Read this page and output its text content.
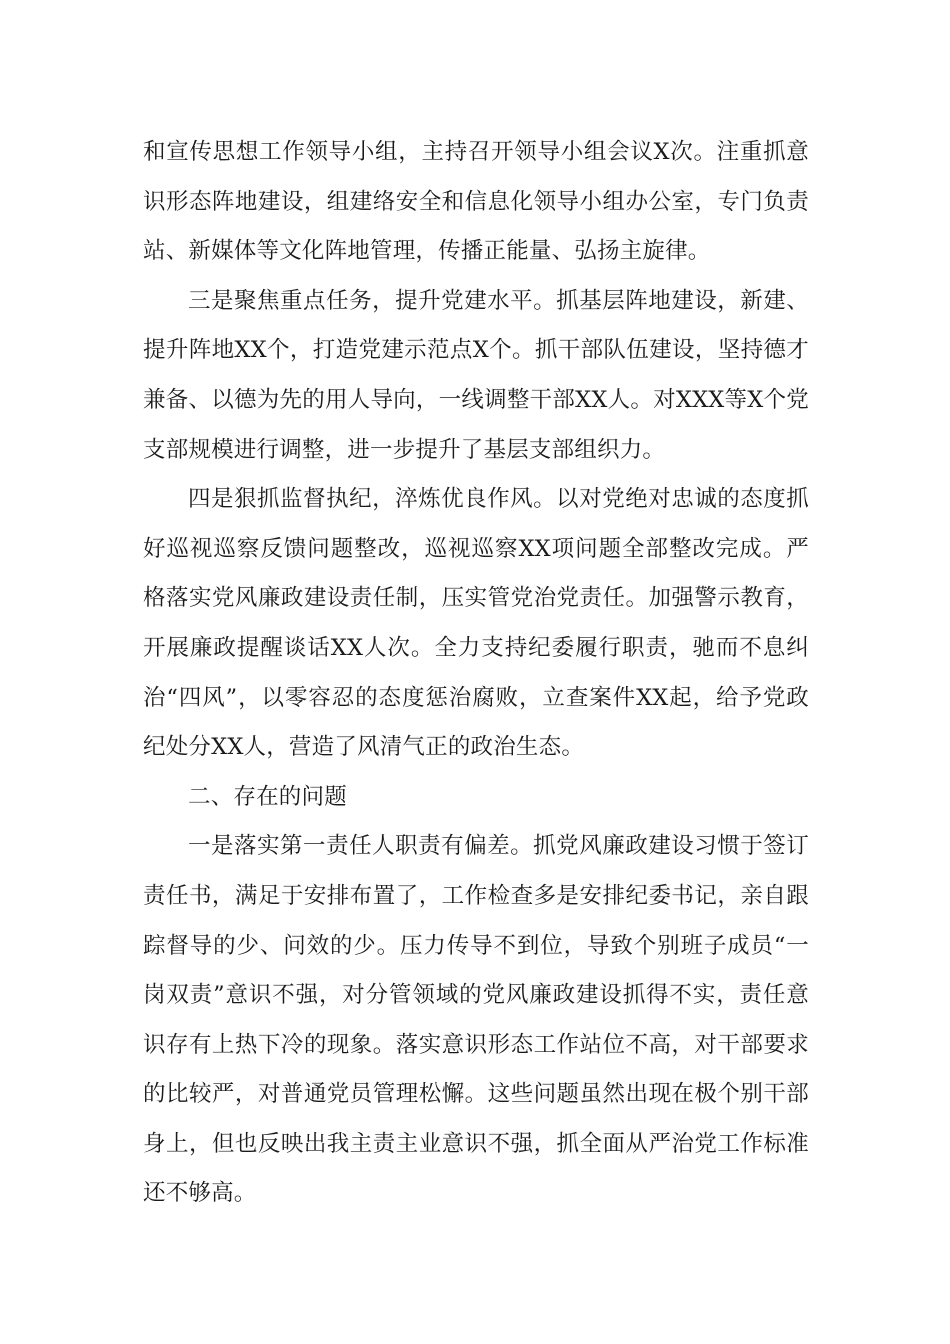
和宣传思想工作领导小组，主持召开领导小组会议X次。注重抓意识形态阵地建设，组建络安全和信息化领导小组办公室，专门负责站、新媒体等文化阵地管理，传播正能量、弘扬主旋律。

三是聚焦重点任务，提升党建水平。抓基层阵地建设，新建、提升阵地XX个，打造党建示范点X个。抓干部队伍建设，坚持德才兼备、以德为先的用人导向，一线调整干部XX人。对XXX等X个党支部规模进行调整，进一步提升了基层支部组织力。

四是狠抓监督执纪，淬炼优良作风。以对党绝对忠诚的态度抓好巡视巡察反馈问题整改，巡视巡察XX项问题全部整改完成。严格落实党风廉政建设责任制，压实管党治党责任。加强警示教育，开展廉政提醒谈话XX人次。全力支持纪委履行职责，驰而不息纠治“四风”，以零容忍的态度惩治腐败，立查案件XX起，给予党政纪处分XX人，营造了风清气正的政治生态。

二、存在的问题

一是落实第一责任人职责有偏差。抓党风廉政建设习惯于签订责任书，满足于安排布置了，工作检查多是安排纪委书记，亲自跟踪督导的少、问效的少。压力传导不到位，导致个别班子成员“一岗双责”意识不强，对分管领域的党风廉政建设抓得不实，责任意识存有上热下冷的现象。落实意识形态工作站位不高，对干部要求的比较严，对普通党员管理松懈。这些问题虽然出现在极个别干部身上，但也反映出我主责主业意识不强，抓全面从严治党工作标准还不够高。
